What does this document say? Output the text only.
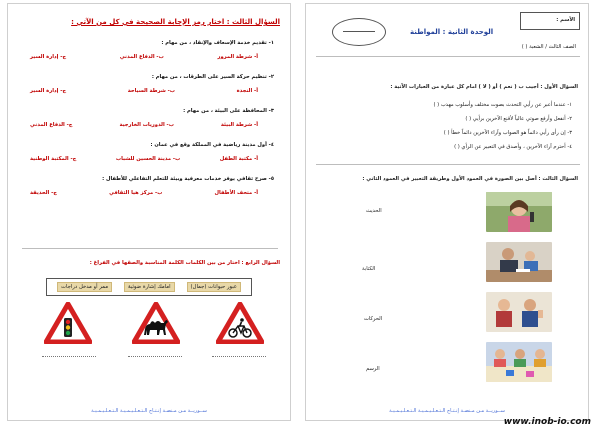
السؤال الثالث : اختار رمز الإجابة الصحيحة في كل من الآتي :
١- تقديم خدمة الإسعاف والإنقاذ ، من مهام :
أ- شرطة المرور
ب- الدفاع المدني
ج- إدارة السير
٢- تنظيم حركة السير على الطرقات ، من مهام :
أ- النجدة
ب- شرطة السياحة
ج- إدارة السير
٣- المحافظة على البيئة ، من مهام :
أ- شرطة البيئة
ب- الدوريات الخارجية
ج- الدفاع المدني
٤- أول مدينة رياضية في المملكة وقع في عمان :
أ- مكتبة الطفل
ب- مدينة الحسين للشباب
ج- المكتبة الوطنية
٥- صرح ثقافي يوفر خدمات معرفية وبيئة للتعلم التفاعلي للأطفال :
أ- متحف الأطفال
ب- مركز هيا الثقافي
ج- الحديقة
السؤال الرابع : اختار من بين الكلمات الكلمة المناسبة والصقها في الفراغ :
عبور حيوانات (جمال)
امامك إشارة ضوئية
ممر أو مدخل دراجات
ســوريــة مـن مـنصـة إنـتـاج الـتـعـلـيـمـيـة الـتـعـلـيـمـيـة
الأسم :
الوحدة الثانية : المواطنة
الصف الثالث / الشعبة ( )
السؤال الأول : أجيب ب ( نعم ) أو ( لا ) امام كل عبارة من العبارات الآتية :
١- عندما أعبر عن رأيي التحدث بصوت مختلف وأسلوب مهذب ( )
٢- أنفعل وأرفع صوتي عالياً لأقنع الآخرين برأيي ( )
٣- إن رأى رأيي دائماً هو الصواب وآراء الآخرين دائماً خطأ ( )
٤- أحترم آراء الآخرين ، وأصدق في التعبير عن الرأي ( )
السؤال الثالث : أصل بين الصورة في العمود الأول وطريقة التعبير في العمود الثاني :
الحديث
الكتابة
الحركات
الرسم
ســوريــة مـن مـنصـة إنـتـاج الـتـعـلـيـمـيـة الـتـعـلـيـمـيـة
www.inob-io.com
